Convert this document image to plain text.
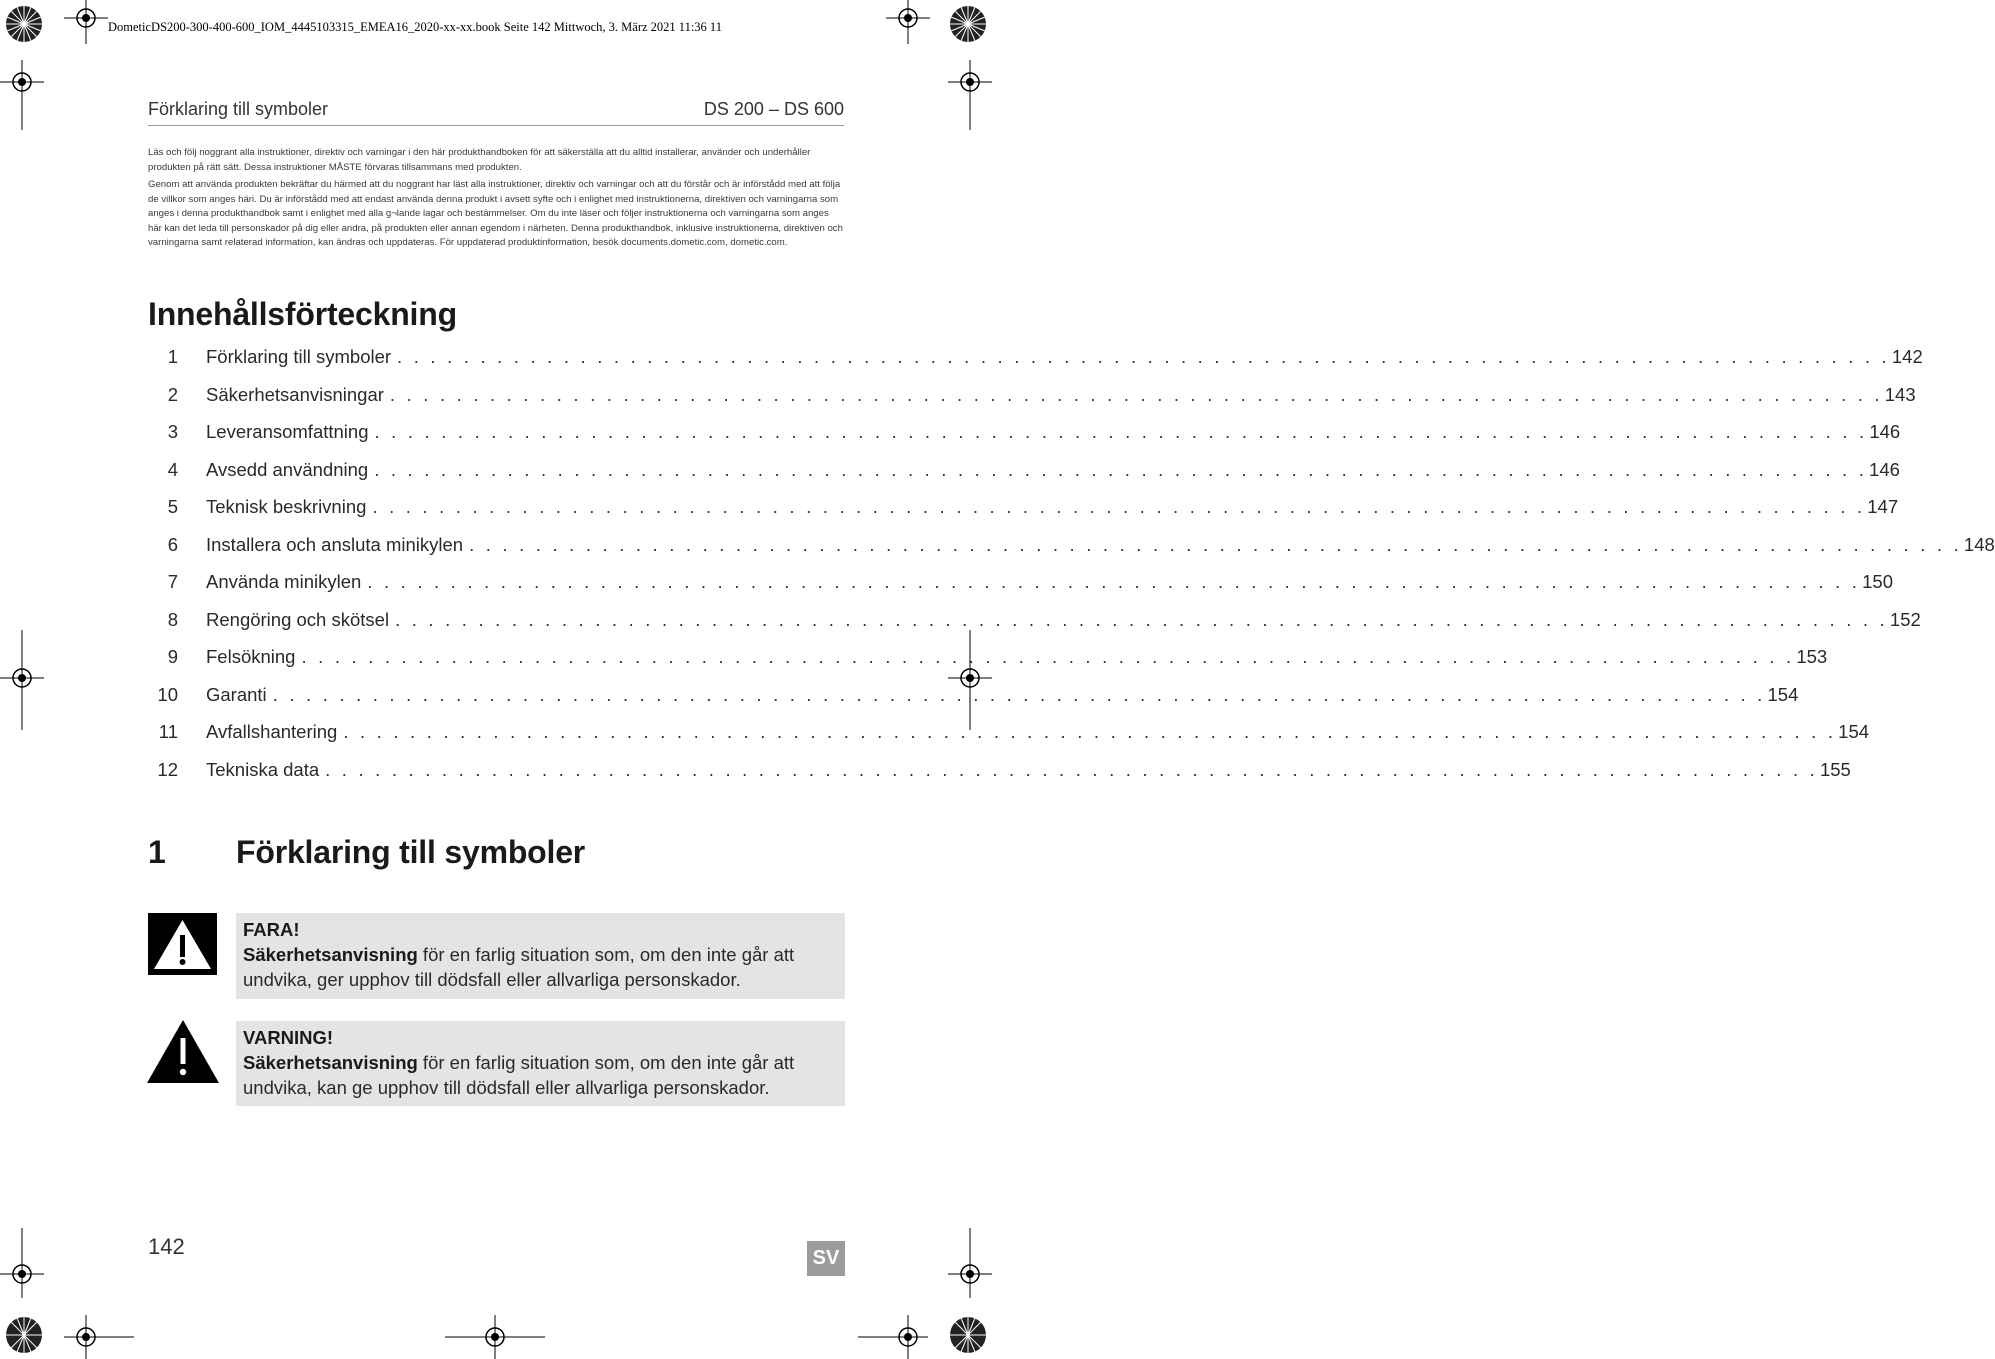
DometicDS200-300-400-600_IOM_4445103315_EMEA16_2020-xx-xx.book Seite 142 Mittwoch, 3. März 2021 11:36 11
Förklaring till symboler	DS 200 – DS 600

Läs och följ noggrant alla instruktioner, direktiv och varningar i den här produkthandboken för att säkerställa att du alltid installerar, använder och underhåller produkten på rätt sätt. Dessa instruktioner MÅSTE förvaras tillsammans med produkten.

Genom att använda produkten bekräftar du härmed att du noggrant har läst alla instruktioner, direktiv och varningar och att du förstår och är införstådd med att följa de villkor som anges häri. Du är införstådd med att endast använda denna produkt i avsett syfte och i enlighet med instruktionerna, direktiven och varningarna som anges i denna produkthandbok samt i enlighet med alla g¬lande lagar och bestämmelser. Om du inte läser och följer instruktionerna och varningarna som anges här kan det leda till personskador på dig eller andra, på produkten eller annan egendom i närheten. Denna produkthandbok, inklusive instruktionerna, direktiven och varningarna samt relaterad information, kan ändras och uppdateras. För uppdaterad produktinformation, besök documents.dometic.com, dometic.com.

Innehållsförteckning
1 Förklaring till symboler . . . . . . . . . . . . . . . . . . . . . . . . . . . . . . . . . . . . . . . . . . . . . . . . . . . . . . . . . . . . . . . . . . . . . . . . . . . . . . . . . . . . . . . . . . 142
2 Säkerhetsanvisningar . . . . . . . . . . . . . . . . . . . . . . . . . . . . . . . . . . . . . . . . . . . . . . . . . . . . . . . . . . . . . . . . . . . . . . . . . . . . . . . . . . . . . . . . . . 143
3 Leveransomfattning . . . . . . . . . . . . . . . . . . . . . . . . . . . . . . . . . . . . . . . . . . . . . . . . . . . . . . . . . . . . . . . . . . . . . . . . . . . . . . . . . . . . . . . . . . 146
4 Avsedd användning . . . . . . . . . . . . . . . . . . . . . . . . . . . . . . . . . . . . . . . . . . . . . . . . . . . . . . . . . . . . . . . . . . . . . . . . . . . . . . . . . . . . . . . . . . 146
5 Teknisk beskrivning . . . . . . . . . . . . . . . . . . . . . . . . . . . . . . . . . . . . . . . . . . . . . . . . . . . . . . . . . . . . . . . . . . . . . . . . . . . . . . . . . . . . . . . . . . 147
6 Installera och ansluta minikylen . . . . . . . . . . . . . . . . . . . . . . . . . . . . . . . . . . . . . . . . . . . . . . . . . . . . . . . . . . . . . . . . . . . . . . . . . . . . . . . . . . . . . . . . . . 148
7 Använda minikylen . . . . . . . . . . . . . . . . . . . . . . . . . . . . . . . . . . . . . . . . . . . . . . . . . . . . . . . . . . . . . . . . . . . . . . . . . . . . . . . . . . . . . . . . . . 150
8 Rengöring och skötsel . . . . . . . . . . . . . . . . . . . . . . . . . . . . . . . . . . . . . . . . . . . . . . . . . . . . . . . . . . . . . . . . . . . . . . . . . . . . . . . . . . . . . . . . . . 152
9 Felsökning . . . . . . . . . . . . . . . . . . . . . . . . . . . . . . . . . . . . . . . . . . . . . . . . . . . . . . . . . . . . . . . . . . . . . . . . . . . . . . . . . . . . . . . . . . 153
10 Garanti . . . . . . . . . . . . . . . . . . . . . . . . . . . . . . . . . . . . . . . . . . . . . . . . . . . . . . . . . . . . . . . . . . . . . . . . . . . . . . . . . . . . . . . . . . 154
11 Avfallshantering . . . . . . . . . . . . . . . . . . . . . . . . . . . . . . . . . . . . . . . . . . . . . . . . . . . . . . . . . . . . . . . . . . . . . . . . . . . . . . . . . . . . . . . . . . 154
12 Tekniska data . . . . . . . . . . . . . . . . . . . . . . . . . . . . . . . . . . . . . . . . . . . . . . . . . . . . . . . . . . . . . . . . . . . . . . . . . . . . . . . . . . . . . . . . . . 155
1 Förklaring till symboler
FARA!
Säkerhetsanvisning för en farlig situation som, om den inte går att undvika, ger upphov till dödsfall eller allvarliga personskador.
VARNING!
Säkerhetsanvisning för en farlig situation som, om den inte går att undvika, kan ge upphov till dödsfall eller allvarliga personskador.
142	SV
